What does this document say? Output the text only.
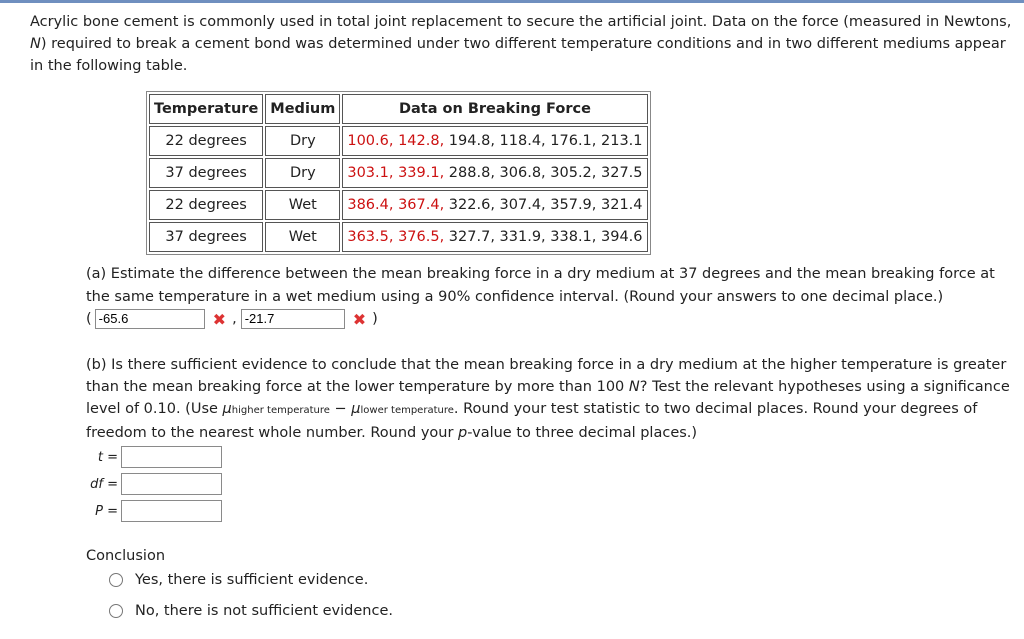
Acrylic bone cement is commonly used in total joint replacement to secure the artificial joint. Data on the force (measured in Newtons, N) required to break a cement bond was determined under two different temperature conditions and in two different mediums appear in the following table.
Temperature	Medium	Data on Breaking Force
22 degrees	Dry	100.6, 142.8, 194.8, 118.4, 176.1, 213.1
37 degrees	Dry	303.1, 339.1, 288.8, 306.8, 305.2, 327.5
22 degrees	Wet	386.4, 367.4, 322.6, 307.4, 357.9, 321.4
37 degrees	Wet	363.5, 376.5, 327.7, 331.9, 338.1, 394.6
(a) Estimate the difference between the mean breaking force in a dry medium at 37 degrees and the mean breaking force at the same temperature in a wet medium using a 90% confidence interval. (Round your answers to one decimal place.)
(
-65.6	✖ ,
-21.7	✖ )
(b) Is there sufficient evidence to conclude that the mean breaking force in a dry medium at the higher temperature is greater than the mean breaking force at the lower temperature by more than 100 N? Test the relevant hypotheses using a significance level of 0.10. (Use μhigher temperature − μlower temperature. Round your test statistic to two decimal places. Round your degrees of freedom to the nearest whole number. Round your p-value to three decimal places.)
t =
df =
P =
Conclusion
Yes, there is sufficient evidence.
No, there is not sufficient evidence.
